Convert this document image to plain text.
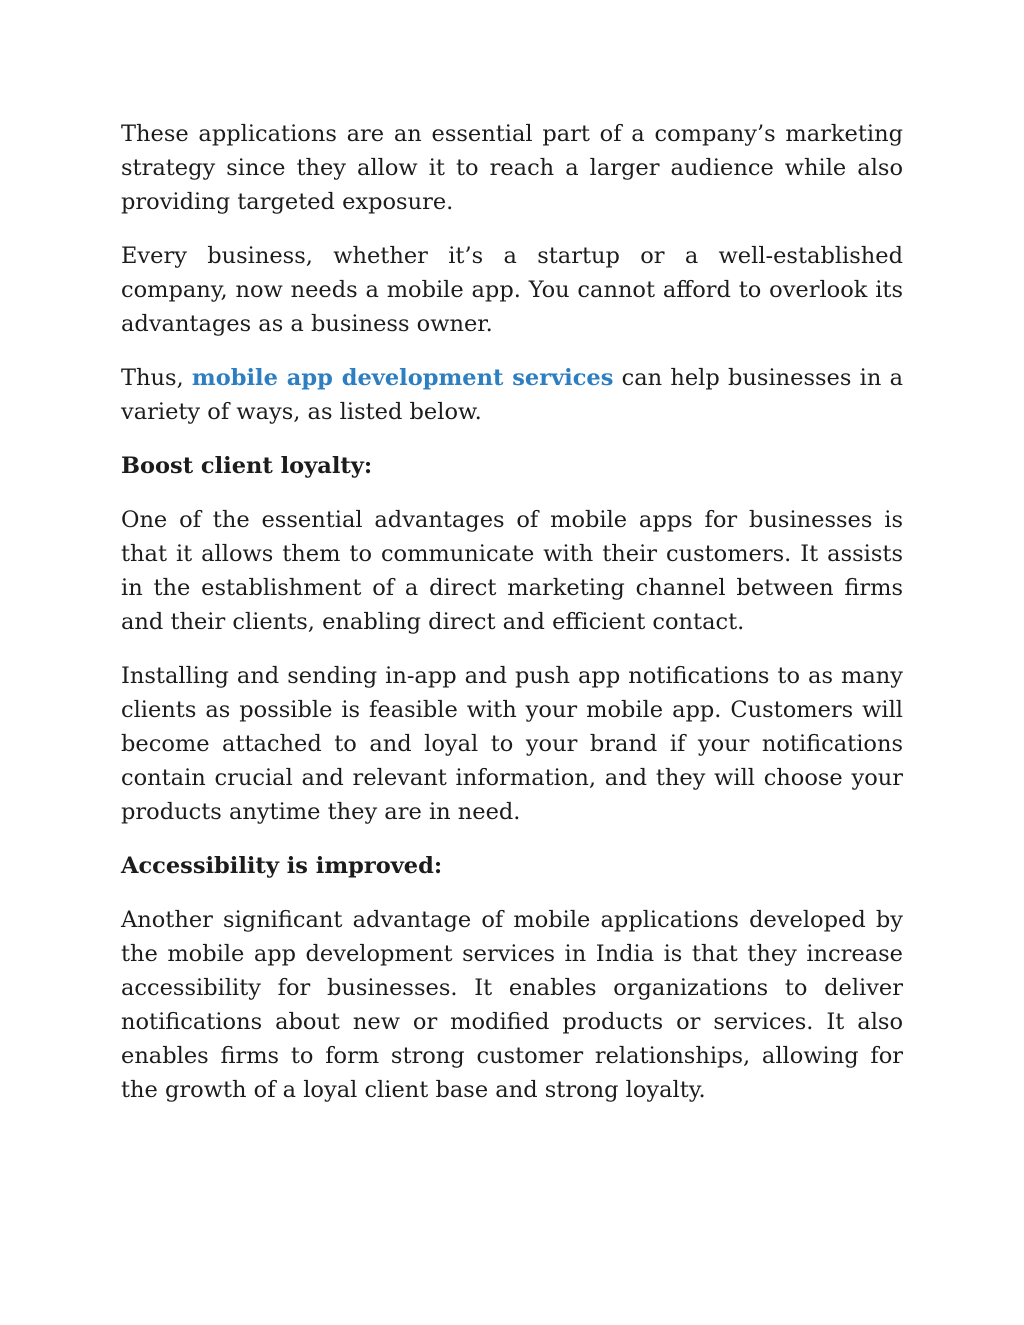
These applications are an essential part of a company’s marketing strategy since they allow it to reach a larger audience while also providing targeted exposure.

Every business, whether it’s a startup or a well-established company, now needs a mobile app. You cannot afford to overlook its advantages as a business owner.

Thus, mobile app development services can help businesses in a variety of ways, as listed below.

Boost client loyalty:

One of the essential advantages of mobile apps for businesses is that it allows them to communicate with their customers. It assists in the establishment of a direct marketing channel between firms and their clients, enabling direct and efficient contact.

Installing and sending in-app and push app notifications to as many clients as possible is feasible with your mobile app. Customers will become attached to and loyal to your brand if your notifications contain crucial and relevant information, and they will choose your products anytime they are in need.

Accessibility is improved:

Another significant advantage of mobile applications developed by the mobile app development services in India is that they increase accessibility for businesses. It enables organizations to deliver notifications about new or modified products or services. It also enables firms to form strong customer relationships, allowing for the growth of a loyal client base and strong loyalty.
